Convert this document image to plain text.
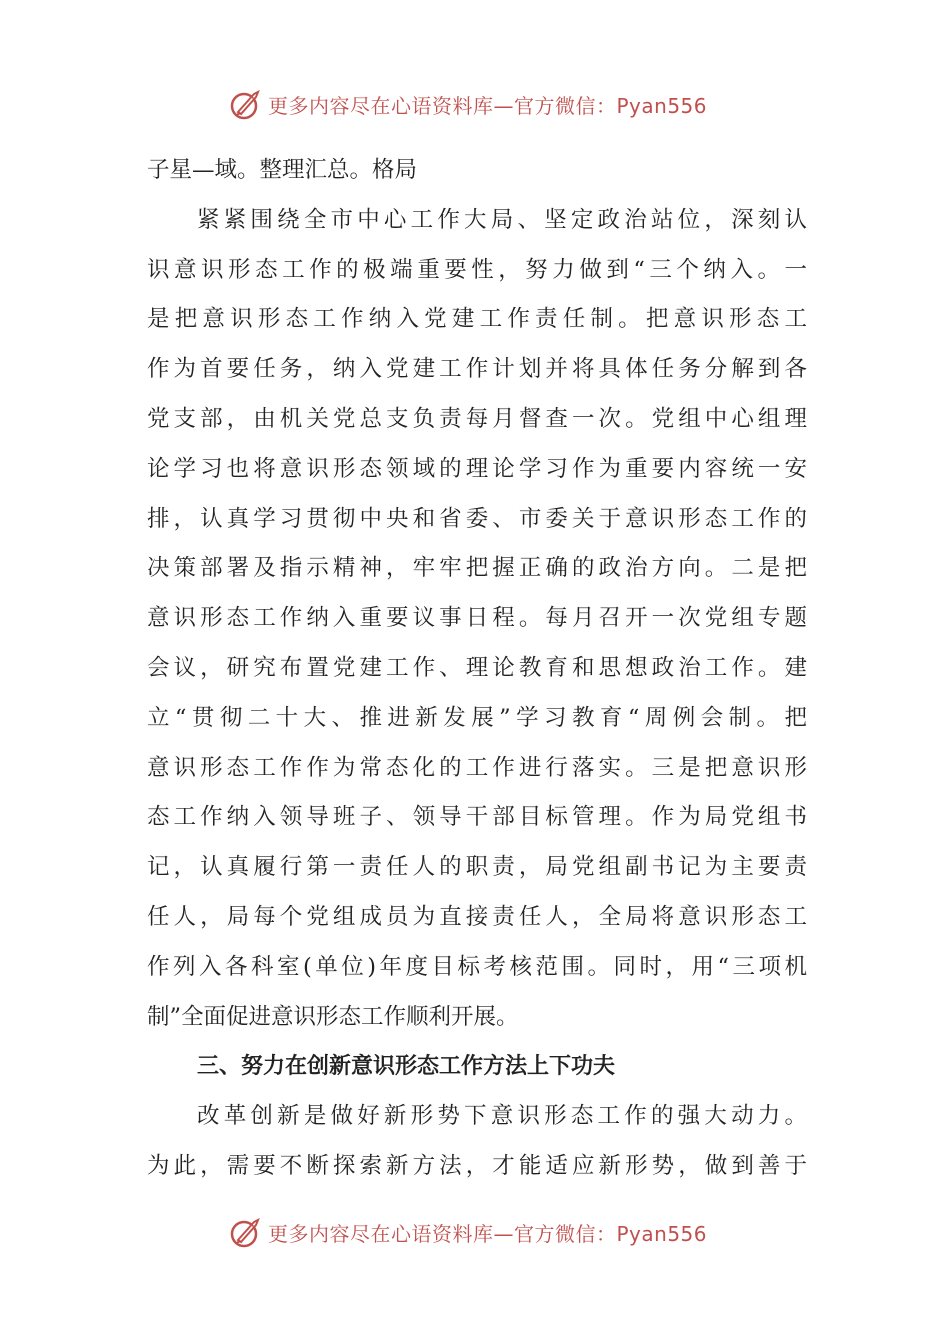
更多内容尽在心语资料库—官方微信：Pyan556
子星—域。整理汇总。格局
紧紧围绕全市中心工作大局、坚定政治站位，深刻认
识意识形态工作的极端重要性，努力做到“三个纳入。一
是把意识形态工作纳入党建工作责任制。把意识形态工
作为首要任务，纳入党建工作计划并将具体任务分解到各
党支部，由机关党总支负责每月督查一次。党组中心组理
论学习也将意识形态领域的理论学习作为重要内容统一安
排，认真学习贯彻中央和省委、市委关于意识形态工作的
决策部署及指示精神，牢牢把握正确的政治方向。二是把
意识形态工作纳入重要议事日程。每月召开一次党组专题
会议，研究布置党建工作、理论教育和思想政治工作。建
立“贯彻二十大、推进新发展”学习教育“周例会制。把
意识形态工作作为常态化的工作进行落实。三是把意识形
态工作纳入领导班子、领导干部目标管理。作为局党组书
记，认真履行第一责任人的职责，局党组副书记为主要责
任人，局每个党组成员为直接责任人，全局将意识形态工
作列入各科室(单位)年度目标考核范围。同时，用“三项机
制”全面促进意识形态工作顺利开展。
三、努力在创新意识形态工作方法上下功夫
改革创新是做好新形势下意识形态工作的强大动力。
为此，需要不断探索新方法，才能适应新形势，做到善于
更多内容尽在心语资料库—官方微信：Pyan556
